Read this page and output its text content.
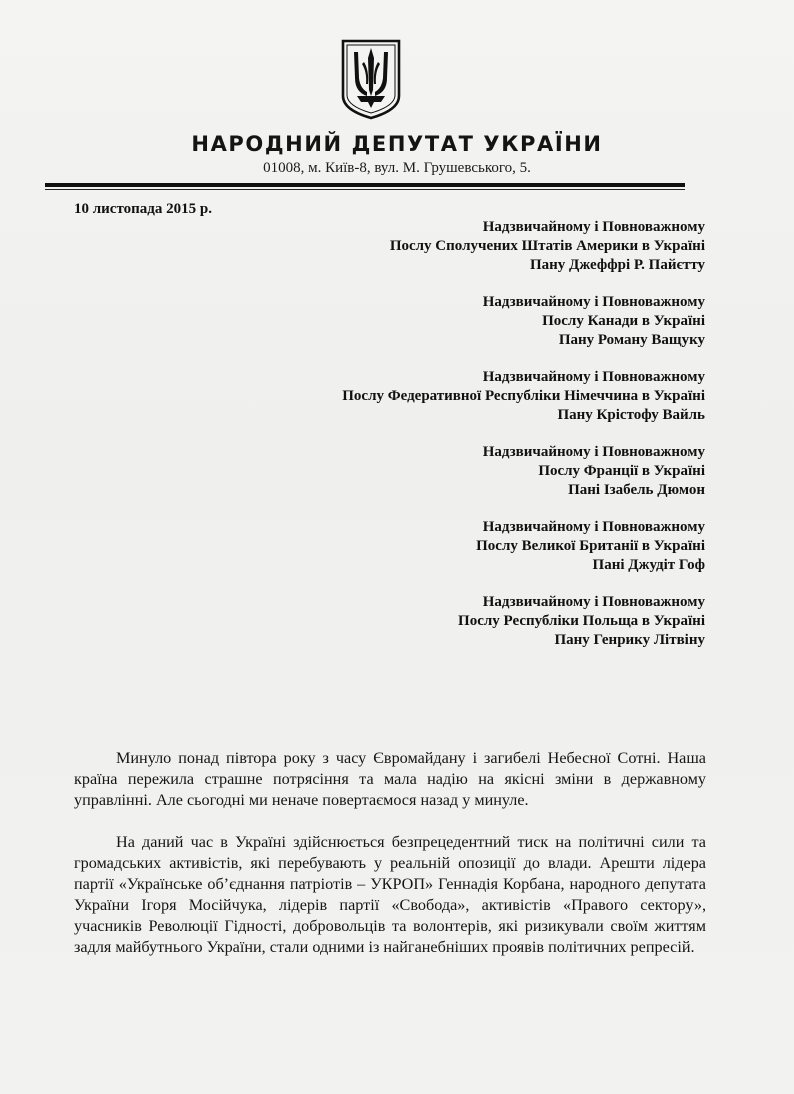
НАРОДНИЙ ДЕПУТАТ УКРАЇНИ
01008, м. Київ-8, вул. М. Грушевського, 5.
10 листопада 2015 р.
Надзвичайному і Повноважному
Послу Сполучених Штатів Америки в Україні
Пану Джеффрі Р. Пайєтту
Надзвичайному і Повноважному
Послу Канади в Україні
Пану Роману Ващуку
Надзвичайному і Повноважному
Послу Федеративної Республіки Німеччина в Україні
Пану Крістофу Вайль
Надзвичайному і Повноважному
Послу Франції в Україні
Пані Ізабель Дюмон
Надзвичайному і Повноважному
Послу Великої Британії в Україні
Пані Джудіт Гоф
Надзвичайному і Повноважному
Послу Республіки Польща в Україні
Пану Генрику Літвіну

Минуло понад півтора року з часу Євромайдану і загибелі Небесної Сотні. Наша країна пережила страшне потрясіння та мала надію на якісні зміни в державному управлінні. Але сьогодні ми неначе повертаємося назад у минуле.

На даний час в Україні здійснюється безпрецедентний тиск на політичні сили та громадських активістів, які перебувають у реальній опозиції до влади. Арешти лідера партії «Українське об’єднання патріотів – УКРОП» Геннадія Корбана, народного депутата України Ігоря Мосійчука, лідерів партії «Свобода», активістів «Правого сектору», учасників Революції Гідності, добровольців та волонтерів, які ризикували своїм життям задля майбутнього України, стали одними із найганебніших проявів політичних репресій.
